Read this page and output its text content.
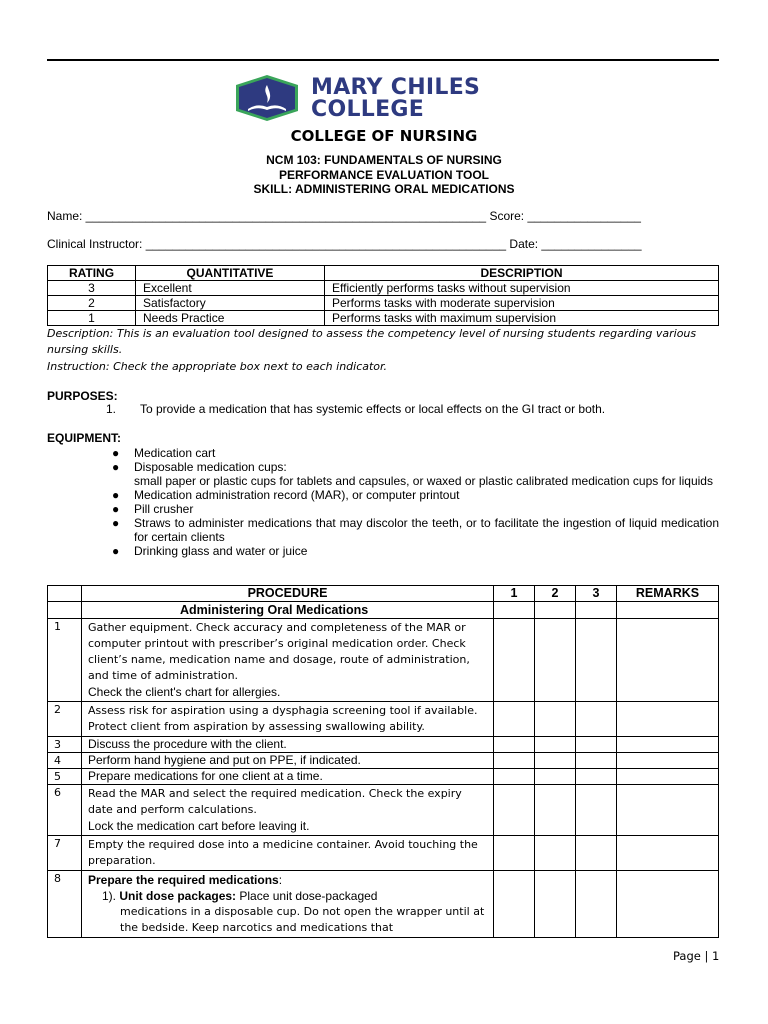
MARY CHILES
COLLEGE
COLLEGE OF NURSING
NCM 103: FUNDAMENTALS OF NURSING
PERFORMANCE EVALUATION TOOL
SKILL: ADMINISTERING ORAL MEDICATIONS
Name: ____________________________________________________________ Score: _________________
Clinical Instructor: ______________________________________________________ Date: _______________
RATING	QUANTITATIVE	DESCRIPTION
3	Excellent	Efficiently performs tasks without supervision
2	Satisfactory	Performs tasks with moderate supervision
1	Needs Practice	Performs tasks with maximum supervision
Description: This is an evaluation tool designed to assess the competency level of nursing students regarding various nursing skills.
Instruction: Check the appropriate box next to each indicator.
PURPOSES:
1. To provide a medication that has systemic effects or local effects on the GI tract or both.
EQUIPMENT:
● Medication cart
● Disposable medication cups:
small paper or plastic cups for tablets and capsules, or waxed or plastic calibrated medication cups for liquids
● Medication administration record (MAR), or computer printout
● Pill crusher
● Straws to administer medications that may discolor the teeth, or to facilitate the ingestion of liquid medication for certain clients
● Drinking glass and water or juice
	PROCEDURE	1	2	3	REMARKS
	Administering Oral Medications				
1	Gather equipment. Check accuracy and completeness of the MAR or computer printout with prescriber’s original medication order. Check client’s name, medication name and dosage, route of administration, and time of administration.
Check the client's chart for allergies.				

2	Assess risk for aspiration using a dysphagia screening tool if available. Protect client from aspiration by assessing swallowing ability.				
3	Discuss the procedure with the client.				
4	Perform hand hygiene and put on PPE, if indicated.				
5	Prepare medications for one client at a time.				
6	Read the MAR and select the required medication. Check the expiry date and perform calculations.
Lock the medication cart before leaving it.				

7	Empty the required dose into a medicine container. Avoid touching the preparation.				
8	Prepare the required medications:
1). Unit dose packages: Place unit dose-packaged
medications in a disposable cup. Do not open the wrapper until at the bedside. Keep narcotics and medications that				

Page | 1
